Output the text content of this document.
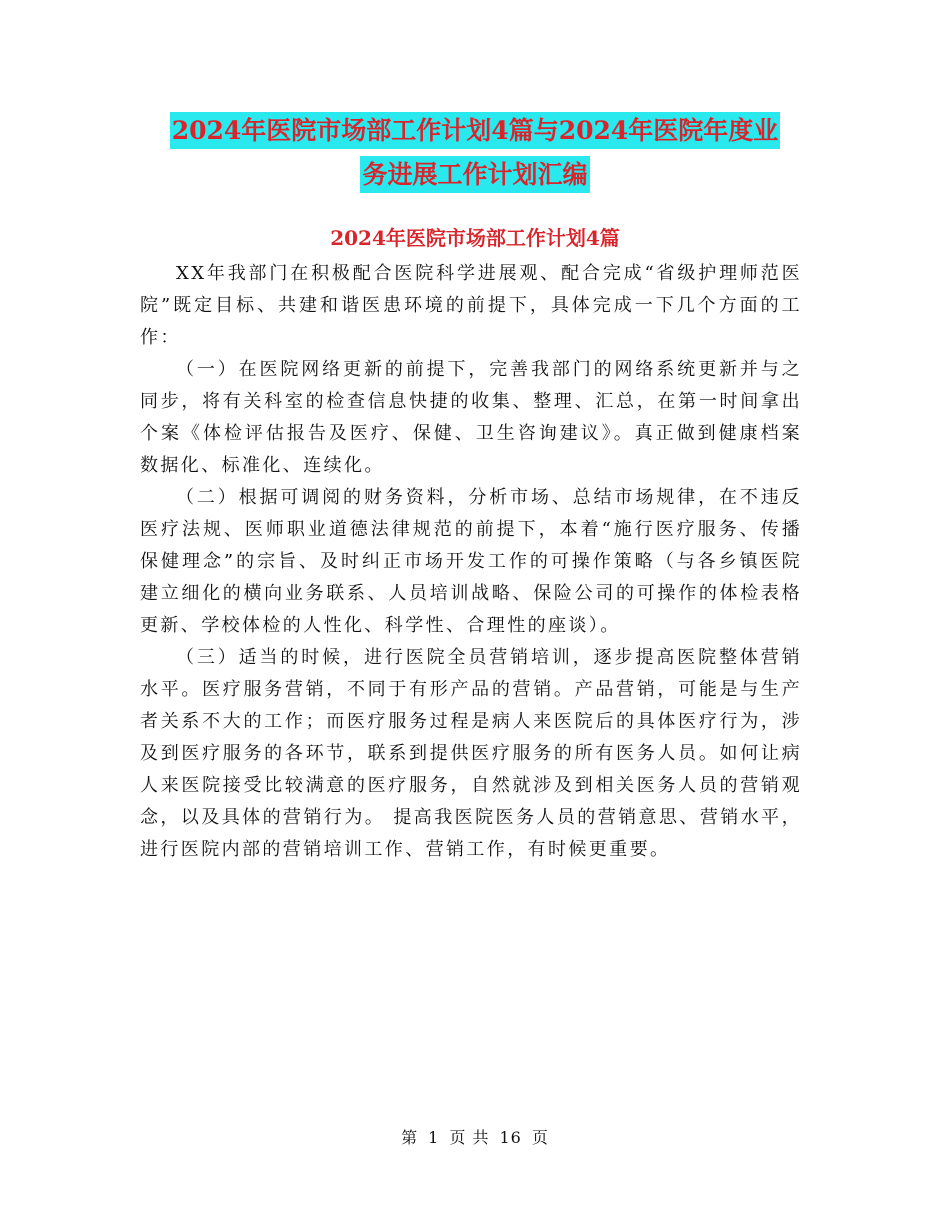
2024年医院市场部工作计划4篇与2024年医院年度业
务进展工作计划汇编
2024年医院市场部工作计划4篇

XX年我部门在积极配合医院科学进展观、配合完成“省级护理师范医院”既定目标、共建和谐医患环境的前提下，具体完成一下几个方面的工作：

（一）在医院网络更新的前提下，完善我部门的网络系统更新并与之同步，将有关科室的检查信息快捷的收集、整理、汇总，在第一时间拿出个案《体检评估报告及医疗、保健、卫生咨询建议》。真正做到健康档案数据化、标准化、连续化。

（二）根据可调阅的财务资料，分析市场、总结市场规律，在不违反医疗法规、医师职业道德法律规范的前提下，本着“施行医疗服务、传播保健理念”的宗旨、及时纠正市场开发工作的可操作策略（与各乡镇医院建立细化的横向业务联系、人员培训战略、保险公司的可操作的体检表格更新、学校体检的人性化、科学性、合理性的座谈）。

（三）适当的时候，进行医院全员营销培训，逐步提高医院整体营销水平。医疗服务营销，不同于有形产品的营销。产品营销，可能是与生产者关系不大的工作；而医疗服务过程是病人来医院后的具体医疗行为，涉及到医疗服务的各环节，联系到提供医疗服务的所有医务人员。如何让病人来医院接受比较满意的医疗服务，自然就涉及到相关医务人员的营销观念，以及具体的营销行为。 提高我医院医务人员的营销意思、营销水平，进行医院内部的营销培训工作、营销工作，有时候更重要。

第 1 页 共 16 页
